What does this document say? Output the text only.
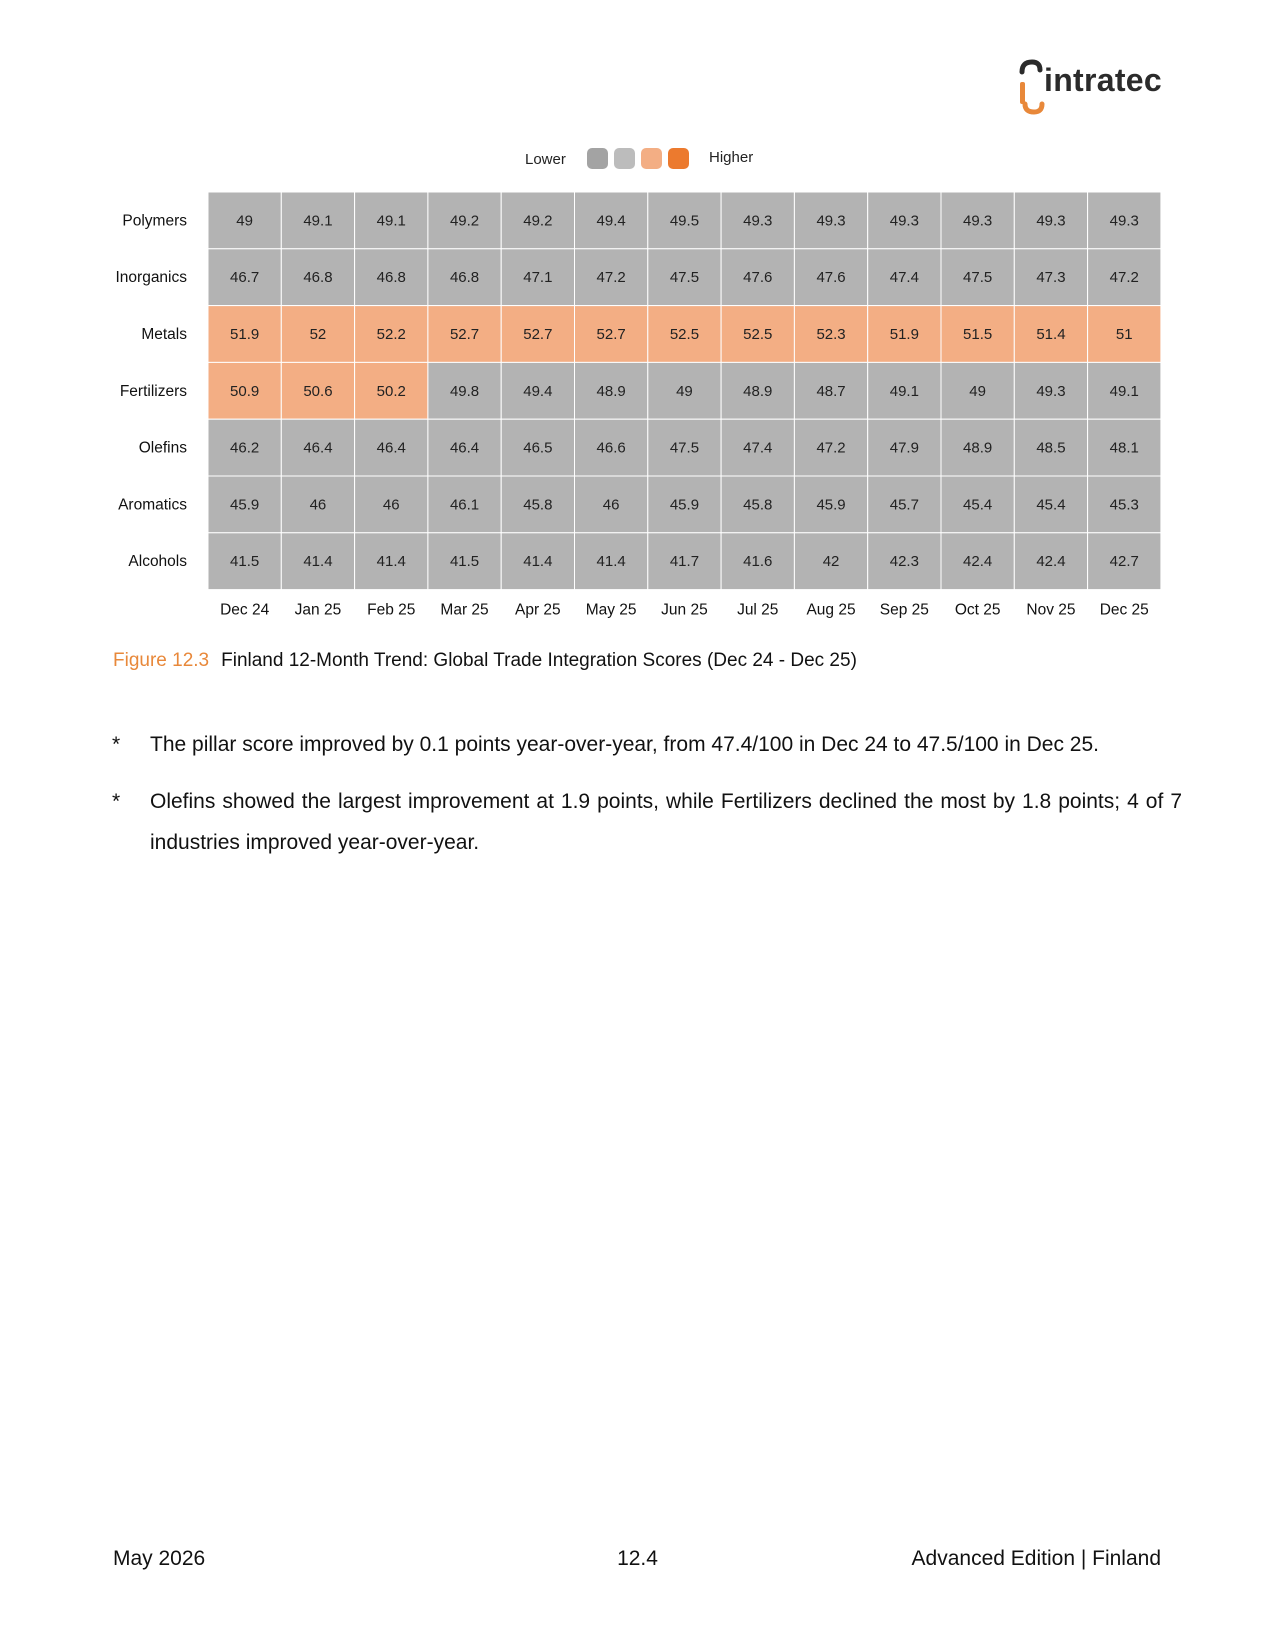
intratec
Lower	Higher
Polymers	49	49.1	49.1	49.2	49.2	49.4	49.5	49.3	49.3	49.3	49.3	49.3	49.3
Inorganics	46.7	46.8	46.8	46.8	47.1	47.2	47.5	47.6	47.6	47.4	47.5	47.3	47.2
Metals	51.9	52	52.2	52.7	52.7	52.7	52.5	52.5	52.3	51.9	51.5	51.4	51
Fertilizers	50.9	50.6	50.2	49.8	49.4	48.9	49	48.9	48.7	49.1	49	49.3	49.1
Olefins	46.2	46.4	46.4	46.4	46.5	46.6	47.5	47.4	47.2	47.9	48.9	48.5	48.1
Aromatics	45.9	46	46	46.1	45.8	46	45.9	45.8	45.9	45.7	45.4	45.4	45.3
Alcohols	41.5	41.4	41.4	41.5	41.4	41.4	41.7	41.6	42	42.3	42.4	42.4	42.7
Dec 24 Jan 25 Feb 25 Mar 25 Apr 25 May 25 Jun 25 Jul 25 Aug 25 Sep 25 Oct 25 Nov 25 Dec 25
Figure 12.3 Finland 12-Month Trend: Global Trade Integration Scores (Dec 24 - Dec 25)
* The pillar score improved by 0.1 points year-over-year, from 47.4/100 in Dec 24 to 47.5/100 in Dec 25.
* Olefins showed the largest improvement at 1.9 points, while Fertilizers declined the most by 1.8 points; 4 of 7 industries improved year-over-year.
May 2026	12.4	Advanced Edition | Finland
